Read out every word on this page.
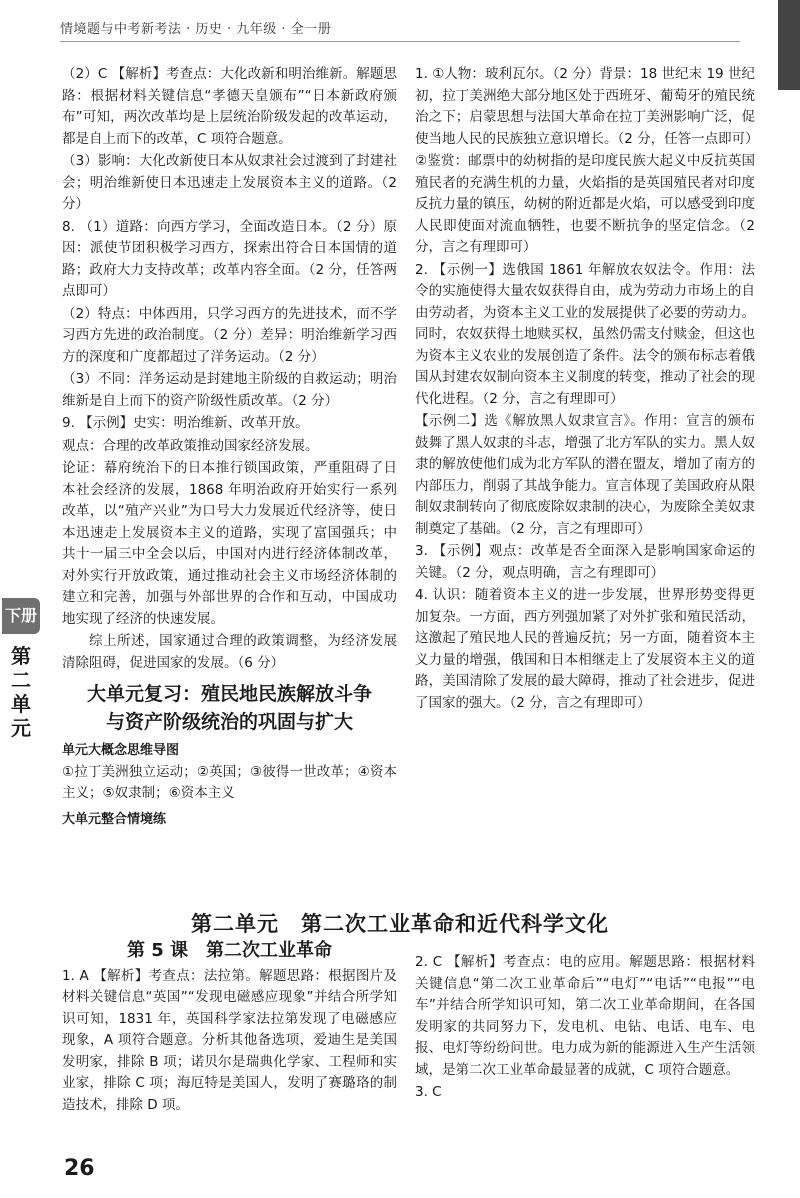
情境题与中考新考法 · 历史 · 九年级 · 全一册
下册
第二单元

（2）C 【解析】考查点：大化改新和明治维新。解题思路：根据材料关键信息“孝德天皇颁布”“日本新政府颁布”可知，两次改革均是上层统治阶级发起的改革运动，都是自上而下的改革，C 项符合题意。

（3）影响：大化改新使日本从奴隶社会过渡到了封建社会；明治维新使日本迅速走上发展资本主义的道路。（2 分）

8. （1）道路：向西方学习，全面改造日本。（2 分）原因：派使节团积极学习西方，探索出符合日本国情的道路；政府大力支持改革；改革内容全面。（2 分，任答两点即可）

（2）特点：中体西用，只学习西方的先进技术，而不学习西方先进的政治制度。（2 分）差异：明治维新学习西方的深度和广度都超过了洋务运动。（2 分）

（3）不同：洋务运动是封建地主阶级的自救运动；明治维新是自上而下的资产阶级性质改革。（2 分）

9. 【示例】史实：明治维新、改革开放。

观点：合理的改革政策推动国家经济发展。

论证：幕府统治下的日本推行锁国政策，严重阻碍了日本社会经济的发展，1868 年明治政府开始实行一系列改革，以“殖产兴业”为口号大力发展近代经济等，使日本迅速走上发展资本主义的道路，实现了富国强兵；中共十一届三中全会以后，中国对内进行经济体制改革，对外实行开放政策，通过推动社会主义市场经济体制的建立和完善，加强与外部世界的合作和互动，中国成功地实现了经济的快速发展。

综上所述，国家通过合理的政策调整，为经济发展清除阻碍，促进国家的发展。（6 分）

大单元复习：殖民地民族解放斗争
与资产阶级统治的巩固与扩大
单元大概念思维导图

①拉丁美洲独立运动；②英国；③彼得一世改革；④资本主义；⑤奴隶制；⑥资本主义

大单元整合情境练

1. ①人物：玻利瓦尔。（2 分）背景：18 世纪末 19 世纪初，拉丁美洲绝大部分地区处于西班牙、葡萄牙的殖民统治之下；启蒙思想与法国大革命在拉丁美洲影响广泛，促使当地人民的民族独立意识增长。（2 分，任答一点即可）

②鉴赏：邮票中的幼树指的是印度民族大起义中反抗英国殖民者的充满生机的力量，火焰指的是英国殖民者对印度反抗力量的镇压，幼树的附近都是火焰，可以感受到印度人民即使面对流血牺牲，也要不断抗争的坚定信念。（2 分，言之有理即可）

2. 【示例一】选俄国 1861 年解放农奴法令。作用：法令的实施使得大量农奴获得自由，成为劳动力市场上的自由劳动者，为资本主义工业的发展提供了必要的劳动力。同时，农奴获得土地赎买权，虽然仍需支付赎金，但这也为资本主义农业的发展创造了条件。法令的颁布标志着俄国从封建农奴制向资本主义制度的转变，推动了社会的现代化进程。（2 分，言之有理即可）

【示例二】选《解放黑人奴隶宣言》。作用：宣言的颁布鼓舞了黑人奴隶的斗志，增强了北方军队的实力。黑人奴隶的解放使他们成为北方军队的潜在盟友，增加了南方的内部压力，削弱了其战争能力。宣言体现了美国政府从限制奴隶制转向了彻底废除奴隶制的决心，为废除全美奴隶制奠定了基础。（2 分，言之有理即可）

3. 【示例】观点：改革是否全面深入是影响国家命运的关键。（2 分，观点明确，言之有理即可）

4. 认识：随着资本主义的进一步发展，世界形势变得更加复杂。一方面，西方列强加紧了对外扩张和殖民活动，这激起了殖民地人民的普遍反抗；另一方面，随着资本主义力量的增强，俄国和日本相继走上了发展资本主义的道路，美国清除了发展的最大障碍，推动了社会进步，促进了国家的强大。（2 分，言之有理即可）

第二单元　第二次工业革命和近代科学文化
第 5 课　第二次工业革命

1. A 【解析】考查点：法拉第。解题思路：根据图片及材料关键信息“英国”“发现电磁感应现象”并结合所学知识可知，1831 年，英国科学家法拉第发现了电磁感应现象，A 项符合题意。分析其他备选项，爱迪生是美国发明家，排除 B 项；诺贝尔是瑞典化学家、工程师和实业家，排除 C 项；海厄特是美国人，发明了赛璐珞的制造技术，排除 D 项。

2. C 【解析】考查点：电的应用。解题思路：根据材料关键信息“第二次工业革命后”“电灯”“电话”“电报”“电车”并结合所学知识可知，第二次工业革命期间，在各国发明家的共同努力下，发电机、电钻、电话、电车、电报、电灯等纷纷问世。电力成为新的能源进入生产生活领域，是第二次工业革命最显著的成就，C 项符合题意。

3. C

26
